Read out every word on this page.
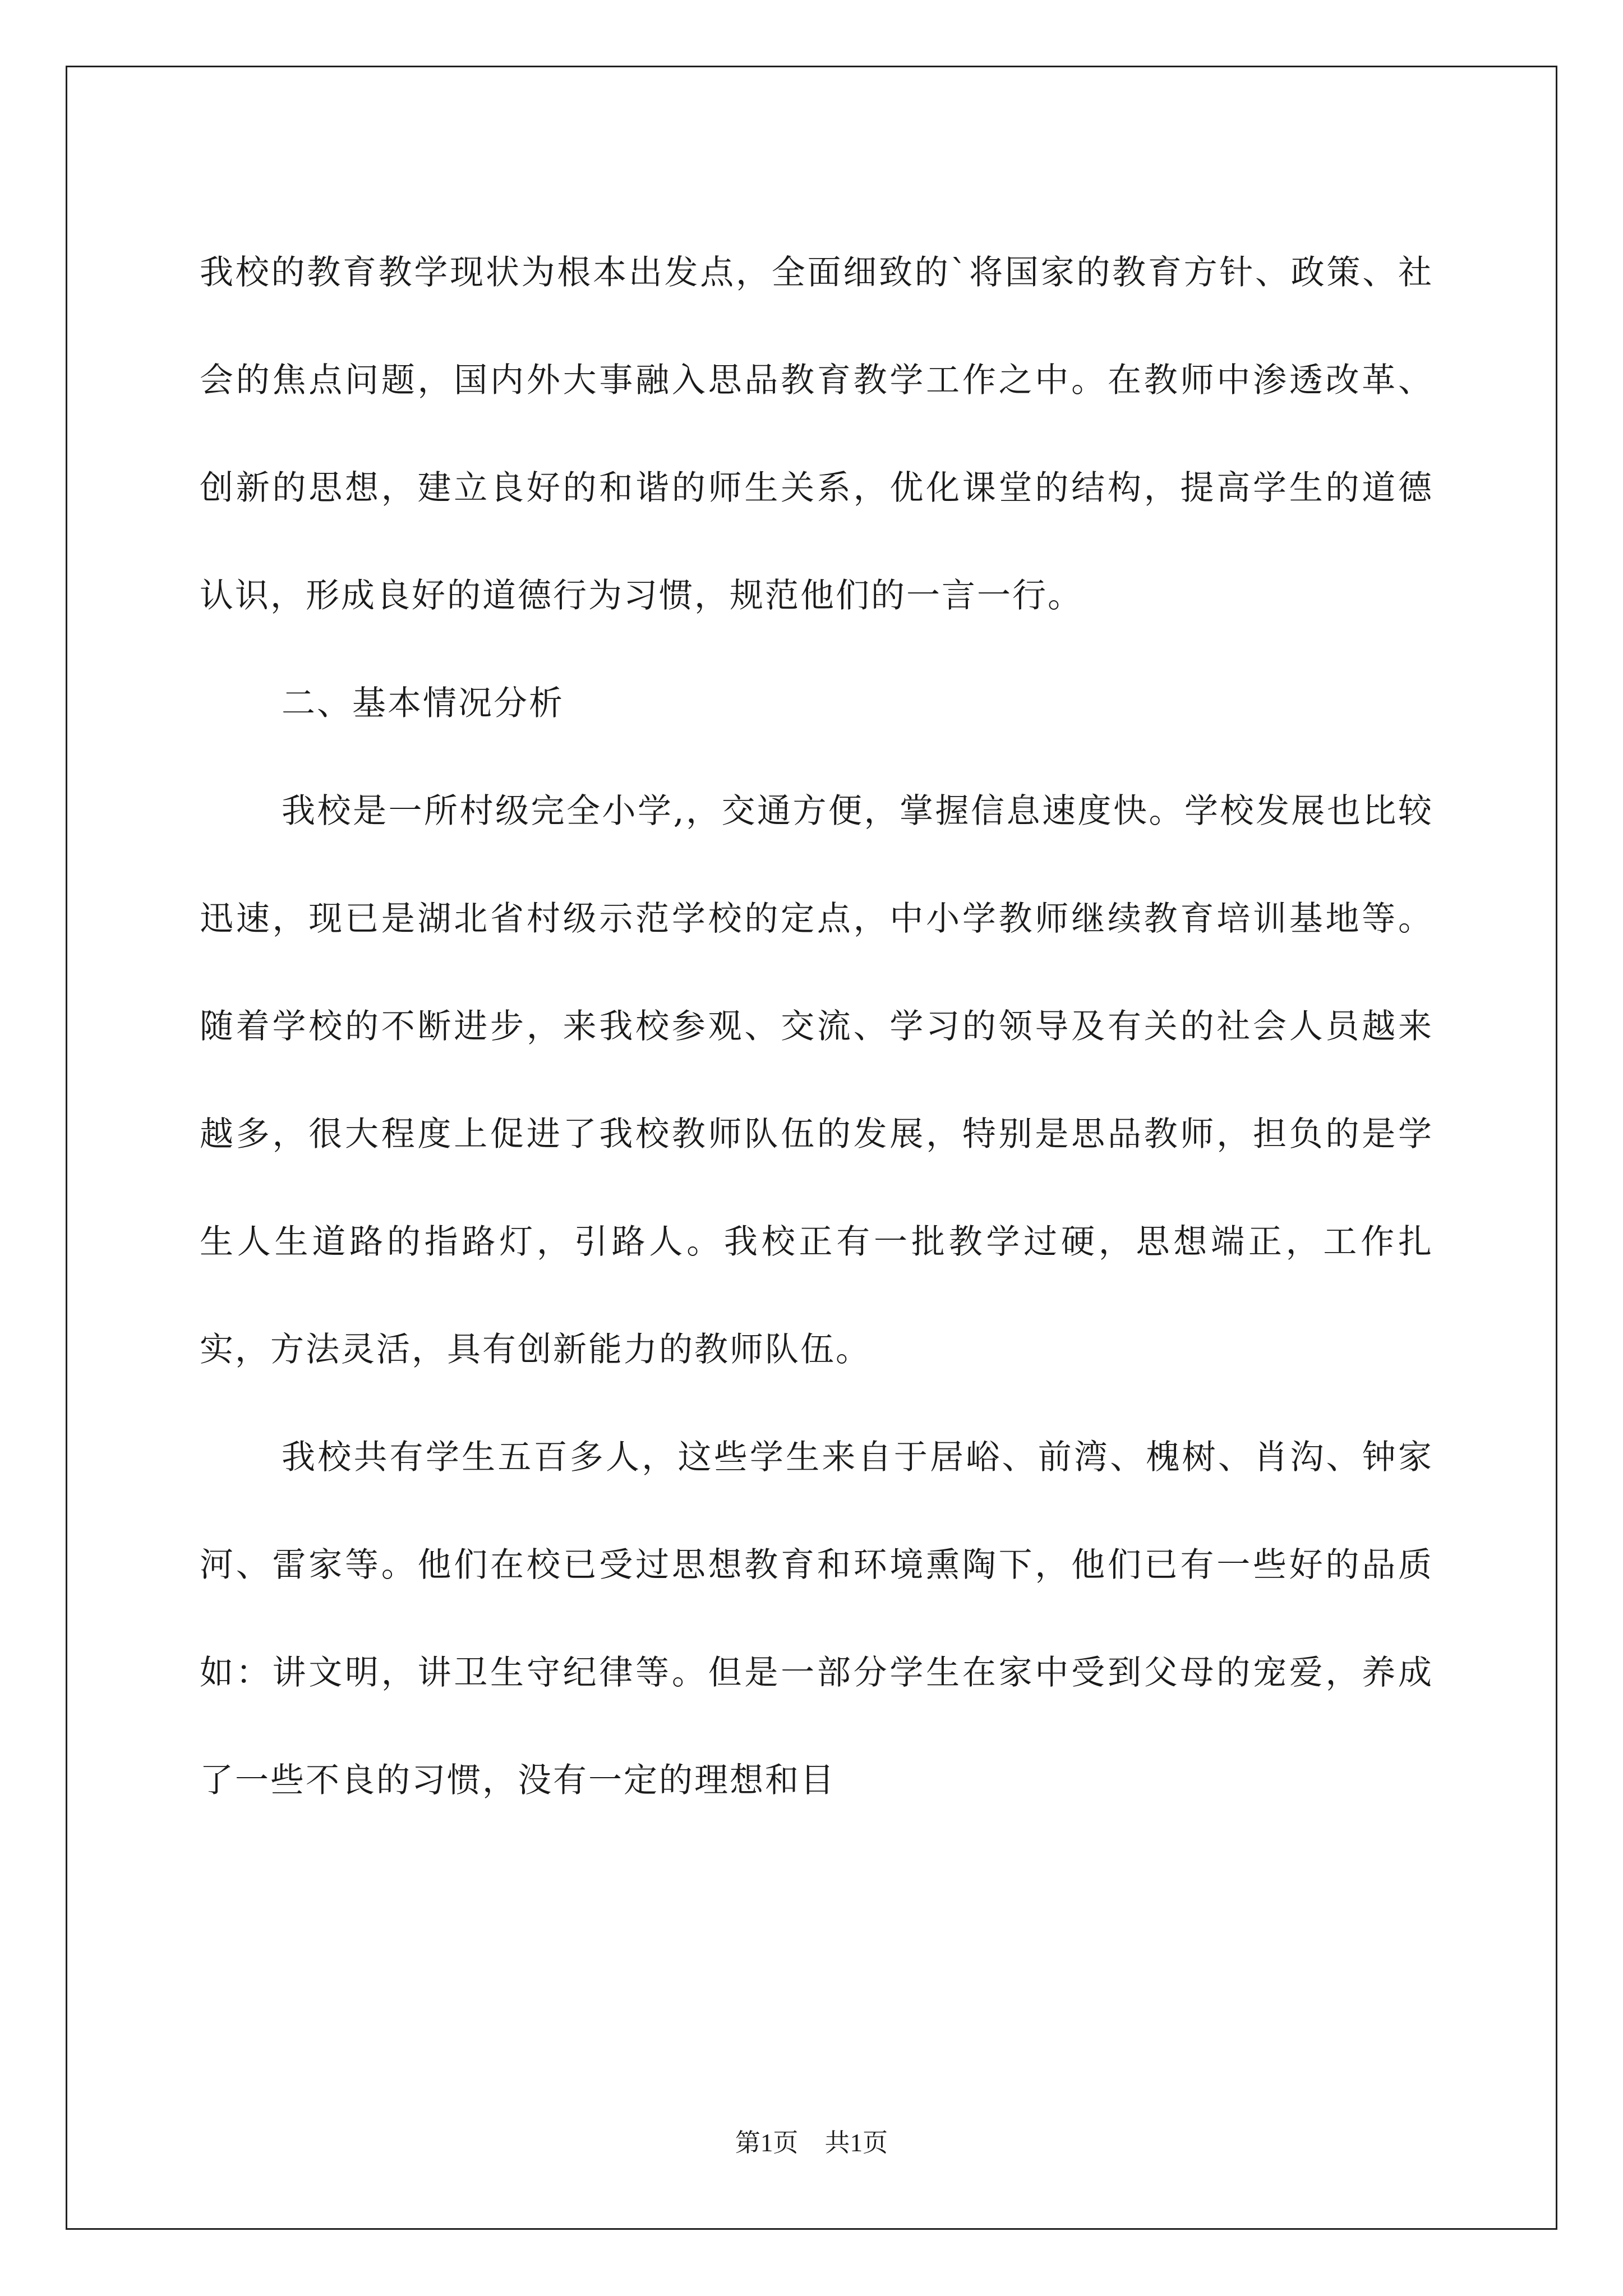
我校的教育教学现状为根本出发点，全面细致的`将国家的教育方针、政策、社会的焦点问题，国内外大事融入思品教育教学工作之中。在教师中渗透改革、创新的思想，建立良好的和谐的师生关系，优化课堂的结构，提高学生的道德认识，形成良好的道德行为习惯，规范他们的一言一行。

二、基本情况分析

我校是一所村级完全小学,，交通方便，掌握信息速度快。学校发展也比较迅速，现已是湖北省村级示范学校的定点，中小学教师继续教育培训基地等。随着学校的不断进步，来我校参观、交流、学习的领导及有关的社会人员越来越多，很大程度上促进了我校教师队伍的发展，特别是思品教师，担负的是学生人生道路的指路灯，引路人。我校正有一批教学过硬，思想端正，工作扎实，方法灵活，具有创新能力的教师队伍。

我校共有学生五百多人，这些学生来自于居峪、前湾、槐树、肖沟、钟家河、雷家等。他们在校已受过思想教育和环境熏陶下，他们已有一些好的品质如：讲文明，讲卫生守纪律等。但是一部分学生在家中受到父母的宠爱，养成了一些不良的习惯，没有一定的理想和目

第1页 共1页
